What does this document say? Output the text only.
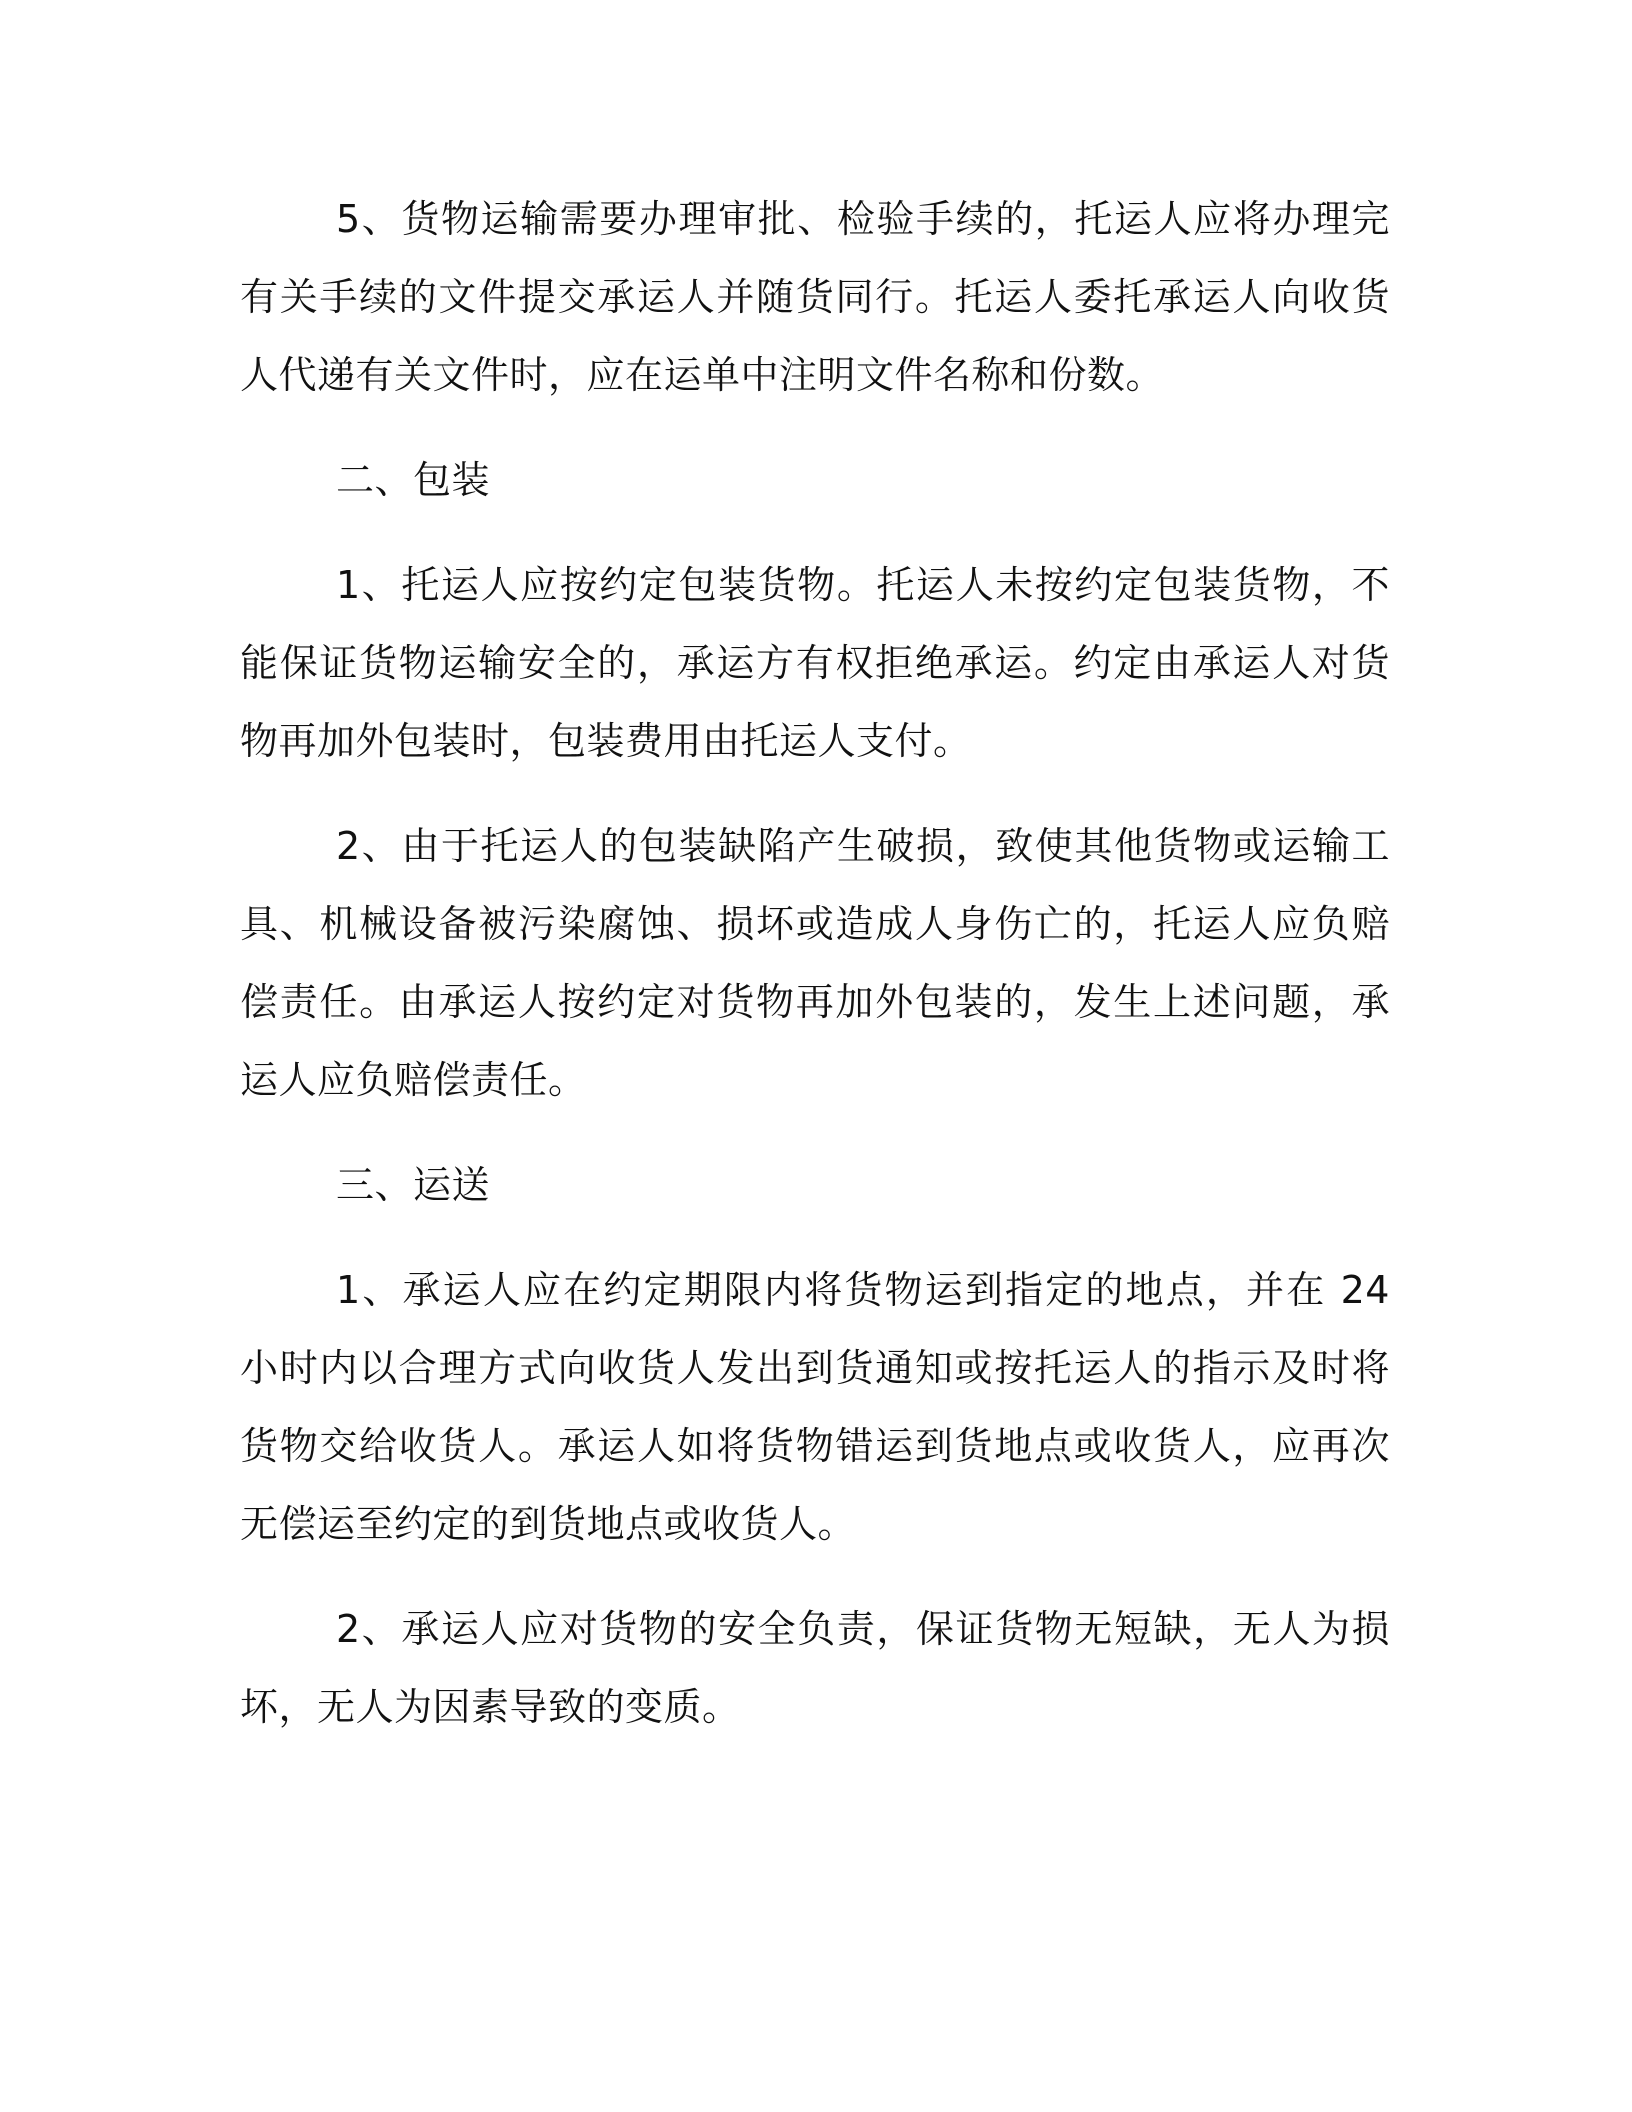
5、货物运输需要办理审批、检验手续的，托运人应将办理完有关手续的文件提交承运人并随货同行。托运人委托承运人向收货人代递有关文件时，应在运单中注明文件名称和份数。

二、包装

1、托运人应按约定包装货物。托运人未按约定包装货物，不能保证货物运输安全的，承运方有权拒绝承运。约定由承运人对货物再加外包装时，包装费用由托运人支付。

2、由于托运人的包装缺陷产生破损，致使其他货物或运输工具、机械设备被污染腐蚀、损坏或造成人身伤亡的，托运人应负赔偿责任。由承运人按约定对货物再加外包装的，发生上述问题，承运人应负赔偿责任。

三、运送

1、承运人应在约定期限内将货物运到指定的地点，并在 24 小时内以合理方式向收货人发出到货通知或按托运人的指示及时将货物交给收货人。承运人如将货物错运到货地点或收货人，应再次无偿运至约定的到货地点或收货人。

2、承运人应对货物的安全负责，保证货物无短缺，无人为损坏，无人为因素导致的变质。
